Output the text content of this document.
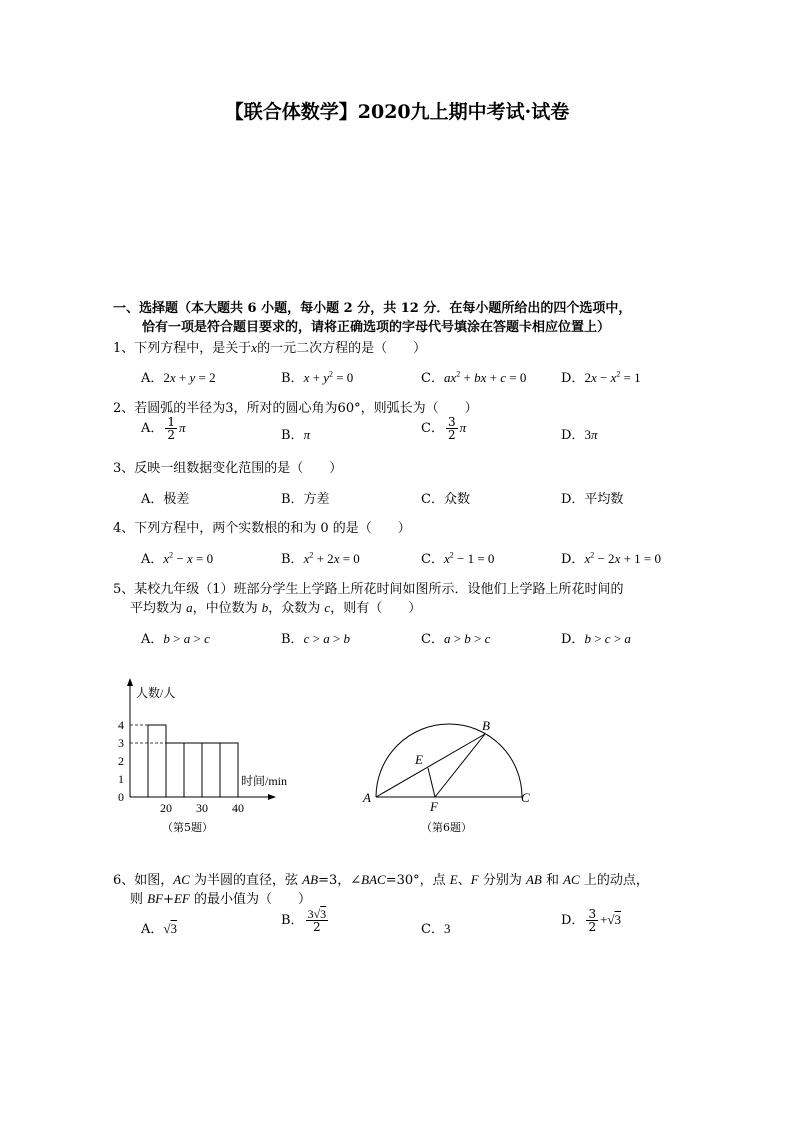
【联合体数学】2020九上期中考试·试卷
一、选择题（本大题共 6 小题，每小题 2 分，共 12 分．在每小题所给出的四个选项中，
恰有一项是符合题目要求的，请将正确选项的字母代号填涂在答题卡相应位置上）
1、下列方程中，是关于x的一元二次方程的是（　　）
A．2x + y = 2	B．$x + y^2 = 0$	C．$ax^2$ + bx + c = 0	D．$2x - x^2 = 1$
2、若圆弧的半径为3，所对的圆心角为60°，则弧长为（　　）
A． $\frac{1}{2}$ π
B．π	C． $\frac{3}{2}$ π
D．3π
3、反映一组数据变化范围的是（　　）
A．极差	B．方差	C．众数	D．平均数
4、下列方程中，两个实数根的和为 0 的是（　　）
A．$x^2 - x = 0$	B．$x^2 + 2x = 0$	C．$x^2 - 1 = 0$	D．$x^2 - 2x + 1 = 0$
5、某校九年级（1）班部分学生上学路上所花时间如图所示．设他们上学路上所花时间的
平均数为 a，中位数为 b，众数为 c，则有（　　）
A．b > a > c	B．c > a > b	C．a > b > c	D．b > c > a
人数/人
时间/min
0
1
2
3
4
20 30 40
（第5题）
A
B
C
E
F
（第6题）
6、如图，AC 为半圆的直径，弦 AB=3，∠BAC=30°，点 E、F 分别为 AB 和 AC 上的动点，
则 BF+EF 的最小值为（　　）
A．√3
B． $\frac{3√3}{2}$	C．3
D． $\frac{3}{2} +√3$
